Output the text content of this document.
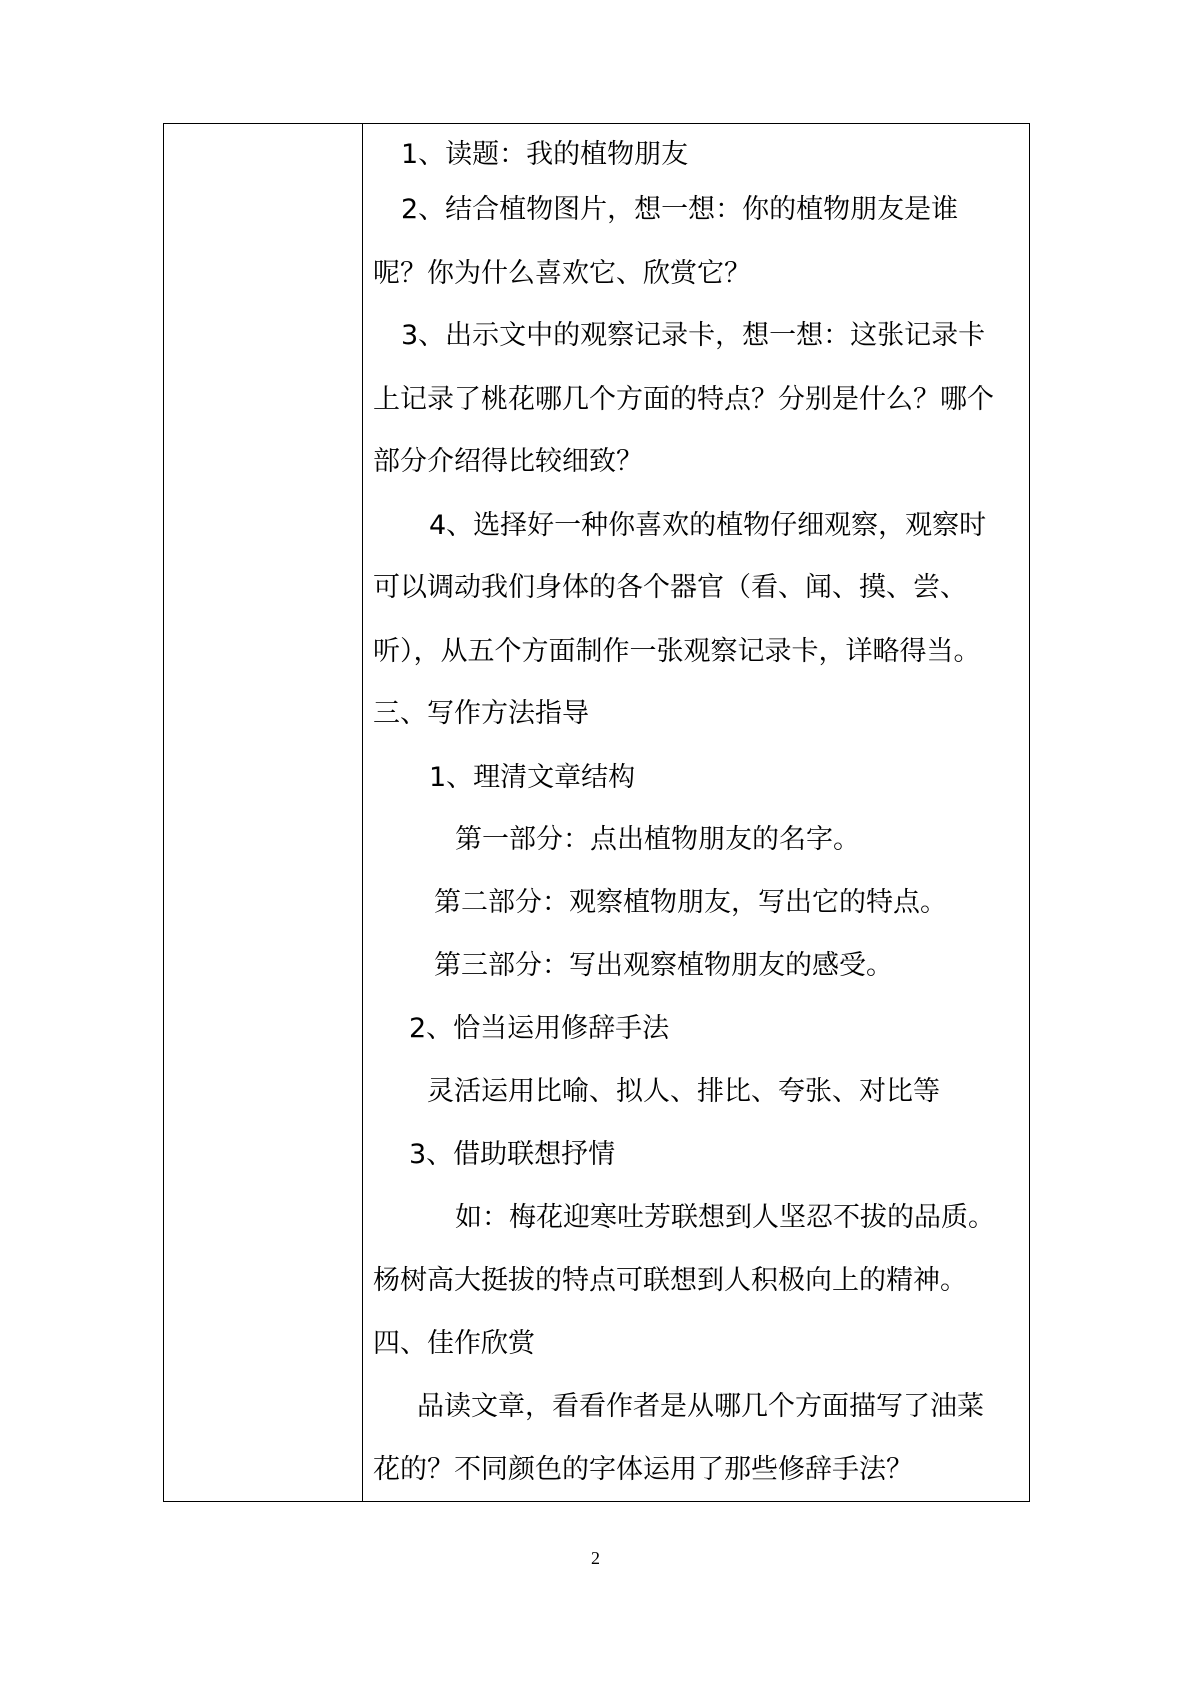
1、读题：我的植物朋友
2、结合植物图片，想一想：你的植物朋友是谁
呢？你为什么喜欢它、欣赏它？
3、出示文中的观察记录卡，想一想：这张记录卡
上记录了桃花哪几个方面的特点？分别是什么？哪个
部分介绍得比较细致？
4、选择好一种你喜欢的植物仔细观察，观察时
可以调动我们身体的各个器官（看、闻、摸、尝、
听），从五个方面制作一张观察记录卡，详略得当。
三、写作方法指导
1、理清文章结构
第一部分：点出植物朋友的名字。
第二部分：观察植物朋友，写出它的特点。
第三部分：写出观察植物朋友的感受。
2、恰当运用修辞手法
灵活运用比喻、拟人、排比、夸张、对比等
3、借助联想抒情
如：梅花迎寒吐芳联想到人坚忍不拔的品质。
杨树高大挺拔的特点可联想到人积极向上的精神。
四、佳作欣赏
品读文章，看看作者是从哪几个方面描写了油菜
花的？不同颜色的字体运用了那些修辞手法？
2
